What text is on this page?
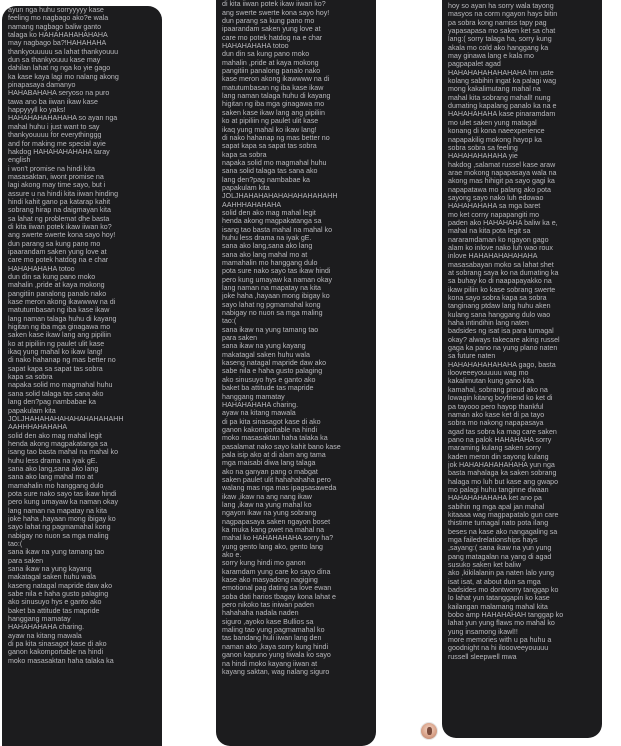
ayun nga huhu sorryyyyy kase
feeling mo nagbago ako?e wala
namang nagbago baliw ganto
talaga ko HAHAHAHAHAHAHA
may nagbago ba?!HAHAHAHA
thankyouuuuu sa lahat thankyouuu
dun sa thankyouuu kase may
dahilan lahat ng nga ko yie gago
ka kase kaya lagi mo nalang akong
pinapasaya damanyo
HAHABAHAHA seryoso na puro
tawa ano ba iiwan ikaw kase
happyyyll ko yaks!
HAHAHAHAHAHAHA so ayan nga
mahal huhu i just want to say
thankyouuuu for everythinggg
and for making me special ayie
hakdog HAHAHAHAHAHA taray
english
i won't promise na hindi kita
masasaktan, iwont promise na
lagi akong may time sayo, but i
assure u na hindi kita iiwan hinding
hindi kahit gano pa katarap kahit
sobrang hirap na daigmayan kita
sa lahat ng problemat dhe basta
di kita iiwan potek ikaw iiwan ko?
ang swerte swerte kona sayo hoy!
dun parang sa kung pano mo
ipaarandam saken yung love at
care mo potek hatdog na e char
HAHAHAHAHA totoo
dun din sa kung pano moko
mahalin ,pride at kaya mokong
pangitiin panalong panalo nako
kase meron akong ikawwww na di
matutumbasan ng iba kase ikaw
lang naman talaga huhu di kayang
higitan ng iba mga ginagawa mo
saken kase ikaw lang ang pipiliin
ko at pipiliin ng paulet ulit kase
ikaq yung mahal ko ikaw lang!
di nako hahanap ng mas better no
sapat kapa sa sapat tas sobra
kapa sa sobra
napaka solid mo magmahal huhu
sana solid talaga tas sana ako
lang den?pag nambabae ka
papakulam kita
JOLJHAHAHAHAHAHAHAHAHAHH
AAHHHAHAHAHA
solid den ako mag mahal legit
henda akong magpakatanga sa
isang tao basta mahal na mahal ko
huhu less drama na iyak gE.
sana ako lang,sana ako lang
sana ako lang mahal mo at
mamahalin mo hanggang dulo
pota sure nako sayo tas ikaw hindi
pero kung umayaw ka naman okay
lang naman na mapatay na kita
joke haha ,hayaan mong ibigay ko
sayo lahat ng pagmamahal kong
nabigay no nuon sa mga maling
tao:(
sana ikaw na yung tamang tao
para saken
sana ikaw na yung kayang
makatagal saken huhu wala
kaseng natagal mapride daw ako
sabe nila e haha gusto palaging
ako sinusuyo hys e ganto ako
baket ba attitude tas mapride
hanggang mamatay
HAHAHAHAHA charing.
ayaw na kitang mawala
di pa kita sinasagot kase di ako
ganon kakomportable na hindi
moko masasaktan haha talaka ka

di kita iiwan potek ikaw iiwan ko?
ang swerte swerte kona sayo hoy!
dun parang sa kung pano mo
ipaarandam saken yung love at
care mo potek hatdog na e char
HAHAHAHAHA totoo
dun din sa kung pano moko
mahalin ,pride at kaya mokong
pangitiin panalong panalo nako
kase meron akong ikawwww na di
matutumbasan ng iba kase ikaw
lang naman talaga huhu di kayang
higitan ng iba mga ginagawa mo
saken kase ikaw lang ang pipiliin
ko at pipiliin ng paulet ulit kase
ikaq yung mahal ko ikaw lang!
di nako hahanap ng mas better no
sapat kapa sa sapat tas sobra
kapa sa sobra
napaka solid mo magmahal huhu
sana solid talaga tas sana ako
lang den?pag nambabae ka
papakulam kita
JOLJHAHAHAHAHAHAHAHAHAHH
AAHHHAHAHAHA
solid den ako mag mahal legit
henda akong magpakatanga sa
isang tao basta mahal na mahal ko
huhu less drama na iyak gE.
sana ako lang,sana ako lang
sana ako lang mahal mo at
mamahalin mo hanggang dulo
pota sure nako sayo tas ikaw hindi
pero kung umayaw ka naman okay
lang naman na mapatay na kita
joke haha ,hayaan mong ibigay ko
sayo lahat ng pgmamahal kong
nabigay no nuon sa mga maling
tao:(
sana ikaw na yung tamang tao
para saken
sana ikaw na yung kayang
makatagal saken huhu wala
kaseng natagal mapride daw ako
sabe nila e haha gusto palaging
ako sinusuyo hys e ganto ako
baket ba attitude tas mapride
hanggang mamatay
HAHAHAHAHA charing.
ayaw na kitang mawala
di pa kita sinasagot kase di ako
ganon kakomportable na hindi
moko masasaktan haha talaka ka
pasalamat nako sayo kahit bano kase
pala isip ako at di alam ang tama
mga maisabi diwa lang talaga
ako na ganyan pang o mabgat
saken paulet ulit hahahahaha pero
walang mas nga mas ipagsasaweda
ikaw ,ikaw na ang nang ikaw
lang ,ikaw na yung mahal ko
ngayon ikaw na yung sobrang
nagpapasaya saken ngayon boset
ka muka kang pwet na mahal na
mahal ko HAHAHAHAHA sorry ha?
yung gento lang ako, gento lang
ako e.
sorry kung hindi mo ganon
karamdam yung care ko sayo dina
kase ako masyadong nagiging
emotional pag dating sa love ewan
soba dati harios tbagay kona lahat e
pero nikoko tas iniwan paden
hahahaha nadala naden
siguro ,ayoko kase Bullios sa
maling tao yung pagmamahal ko
tas bandang huli iiwan lang den
naman ako ,kaya sorry kung hindi
ganon kapuno yung tiwala ko sayo
na hindi moko kayang iiwan at
kayang saktan, wag nalang siguro
hoy so ayan ha sorry wala tayong
masyos na corm ngayon hays bitin
pa sobra kong namiss tapy pag
yapasapasa mo saken ket sa chat
lang:( sorry talaga ha, sorry kung
akala mo cold ako hanggang ka
may ginawa lang e kala mo
pagpapalet agad
HAHAHAHAHAHAHAHA hm uste
kolang sabihin ingat ka palagi wag
mong kakalimutang mahal na
mahal kita sobrang mahall! nung
dumating kapalang panalo ka na e
HAHAHAHAHA kase pinaramdam
mo ulet saken yung matagal
konang di kona naeexperience
napapakilig mokong hayop ka
sobra sobra sa feeling
HAHAHAHAHAHA yie
hakdog ,salamat russel kase araw
arae mokong napapasaya wala na
akong mas hihigit pa sayo gagi ka
napapatawa mo palang ako pota
sayong sayo nako luh edowao
HAHAHAHAHA sa mga baret
mo ket corny napapangiti mo
paden ako HAHAHAHA baliw ka e,
mahal na kita pota legit sa
nararamdaman ko ngayon gago
alam ko inlove nako luh wao roux
inlove HAHAHAHAHAHAHA
masasabayan moko sa lahat shet
at sobrang saya ko na dumating ka
sa buhay ko di naapapayakko na
ikaw piliin ko kase sobrang swerte
kona sayo sobra kapa sa sobra
tanginang ptdaw lang huhu aken
kulang sana hanggang dulo wao
haha intindihin lang naten
badsides ng isat isa para tumagal
okay? always takecare aking russel
gaga ka pano na yung plano naten
sa future naten
HAHAHAHAHAHAHA gago, basta
ilooveeeyouuuuu wag mo
kakalimutan kung gano kita
kamahal, sobrang proud ako na
lowagin kitang boyfriend ko ket di
pa tayooo pero hayop thankful
naman ako kase ket di pa tayo
sobra mo nakong napapasaya
agad tas sobra ka mag care saken
pano na palok HAHAHAHA sorry
maraming kulang saken sorry
kaden meron din sayong kulang
jok HAHAHAHAHAHAHA yun nga
basta mahalaga ka saken sobrang
halaga mo luh but kase ang gwapo
mo palagi huhu tanginne dwaan
HAHAHAHAHAHA ket ano pa
sabihin ng mga apal jan mahal
kitaaaa wag magpapatalo gun care
thistime tumagal nato pota ilang
beses na kase ako nangagaling sa
mga failedrelationships hays
,sayang:( sana ikaw na yun yung
pang matagalan na yang di agad
susuko saken ket baliw
ako ,kikilalanin pa naten lalo yung
isat isat, at about dun sa mga
badsides mo dontworry tanggap ko
lo lahat yun tatanggapin ko kase
kailangan malamang mahal kita
bobo amp HAHAHAHAH tanggap ko
lahat yun yung flaws mo mahal ko
yung insamong ikawl!!
more memories with u pa huhu a
goodnight na hi iloooveeyouuuu
russell sleepwell mwa
